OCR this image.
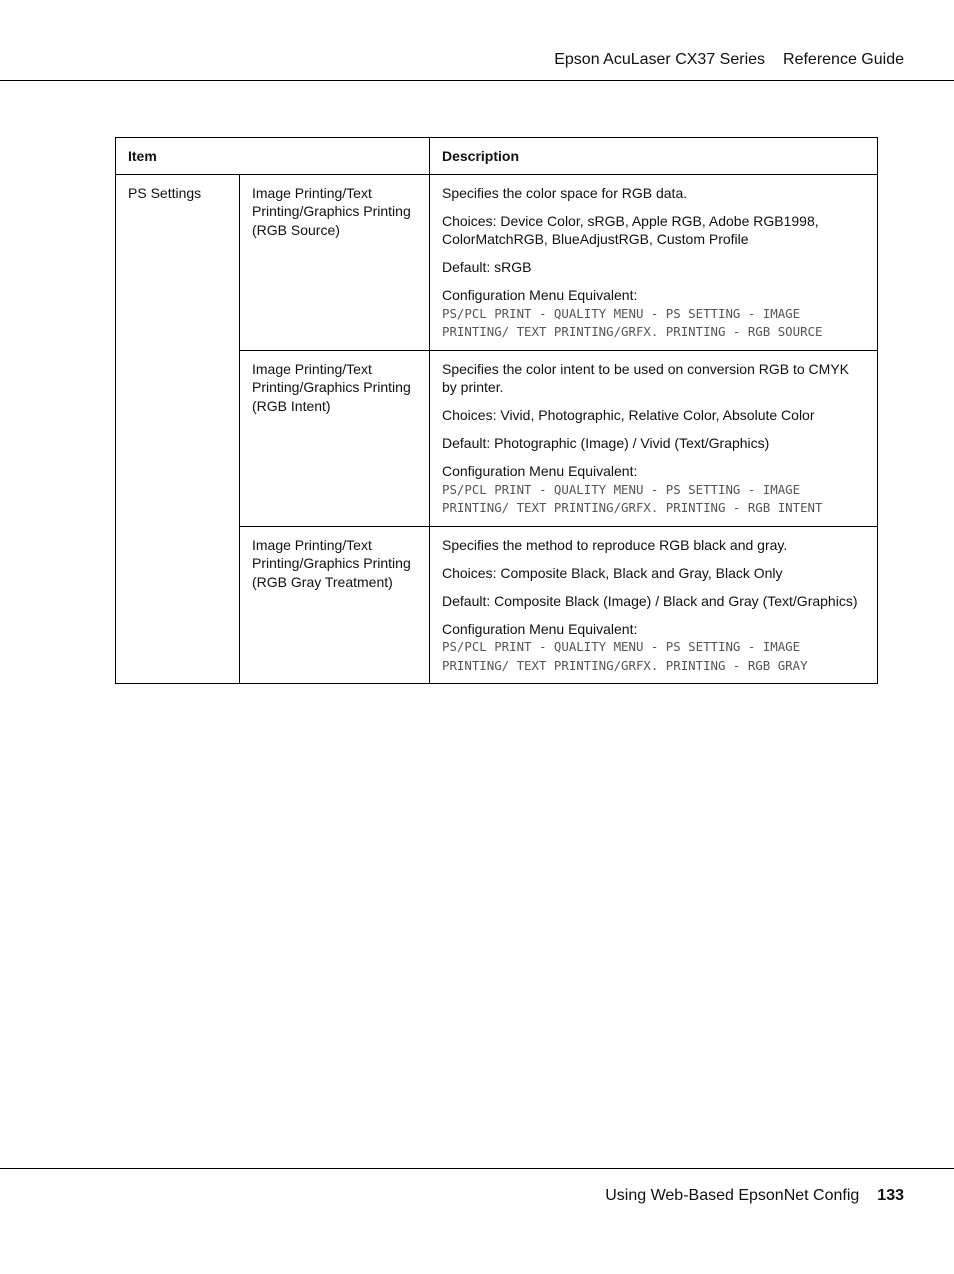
Epson AcuLaser CX37 Series Reference Guide
Item		Description
PS Settings	Image Printing/Text Printing/Graphics Printing (RGB Source)	Specifies the color space for RGB data.

Choices: Device Color, sRGB, Apple RGB, Adobe RGB1998, ColorMatchRGB, BlueAdjustRGB, Custom Profile

Default: sRGB

Configuration Menu Equivalent:
PS/PCL PRINT - QUALITY MENU - PS SETTING - IMAGE PRINTING/ TEXT PRINTING/GRFX. PRINTING - RGB SOURCE

	Image Printing/Text Printing/Graphics Printing (RGB Intent)	Specifies the color intent to be used on conversion RGB to CMYK by printer.

Choices: Vivid, Photographic, Relative Color, Absolute Color

Default: Photographic (Image) / Vivid (Text/Graphics)

Configuration Menu Equivalent:
PS/PCL PRINT - QUALITY MENU - PS SETTING - IMAGE PRINTING/ TEXT PRINTING/GRFX. PRINTING - RGB INTENT

	Image Printing/Text Printing/Graphics Printing (RGB Gray Treatment)	Specifies the method to reproduce RGB black and gray.

Choices: Composite Black, Black and Gray, Black Only

Default: Composite Black (Image) / Black and Gray (Text/Graphics)

Configuration Menu Equivalent:
PS/PCL PRINT - QUALITY MENU - PS SETTING - IMAGE PRINTING/ TEXT PRINTING/GRFX. PRINTING - RGB GRAY

Using Web-Based EpsonNet Config 133
